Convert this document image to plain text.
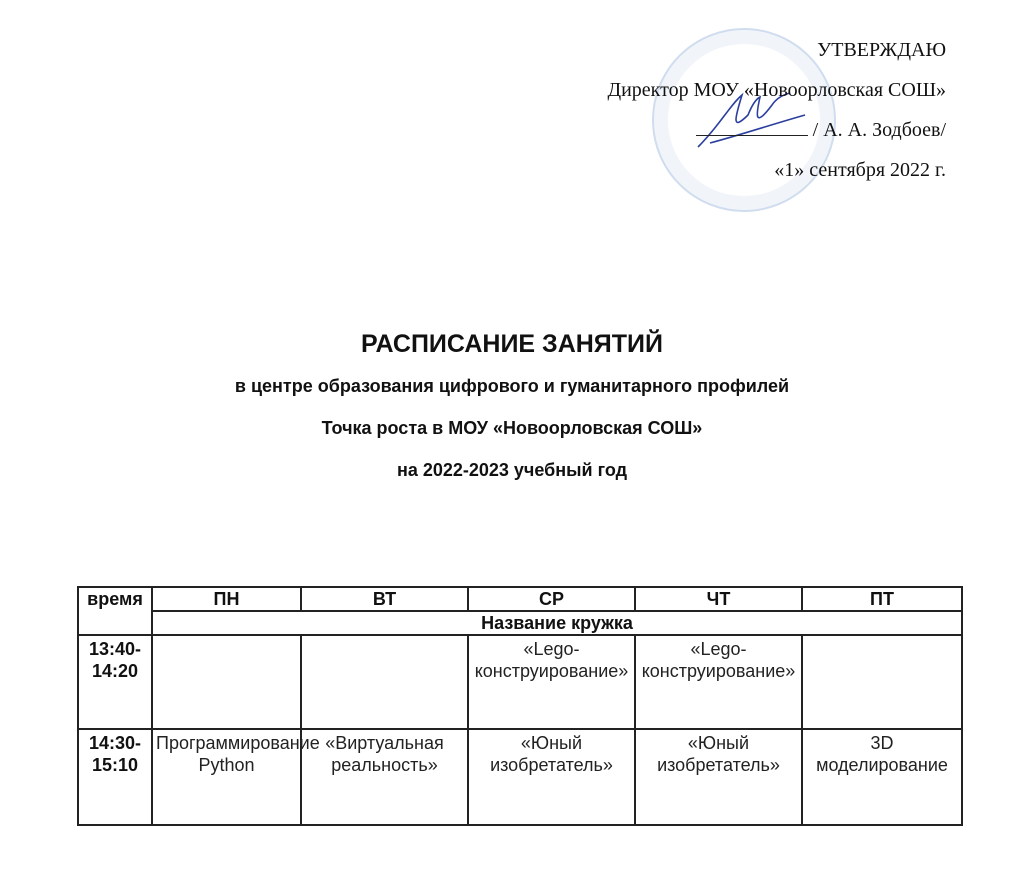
УТВЕРЖДАЮ
Директор МОУ «Новоорловская СОШ»
/ А. А. Зодбоев/
«1» сентября 2022 г.
РАСПИСАНИЕ ЗАНЯТИЙ
в центре образования цифрового и гуманитарного профилей
Точка роста в МОУ «Новоорловская СОШ»
на 2022-2023 учебный год
время	ПН	ВТ	СР	ЧТ	ПТ
	Название кружка				
13:40-14:20			«Lego-конструирование»	«Lego-конструирование»	
14:30-15:10	Программирование Python	«Виртуальная реальность»	«Юный изобретатель»	«Юный изобретатель»	3D моделирование
